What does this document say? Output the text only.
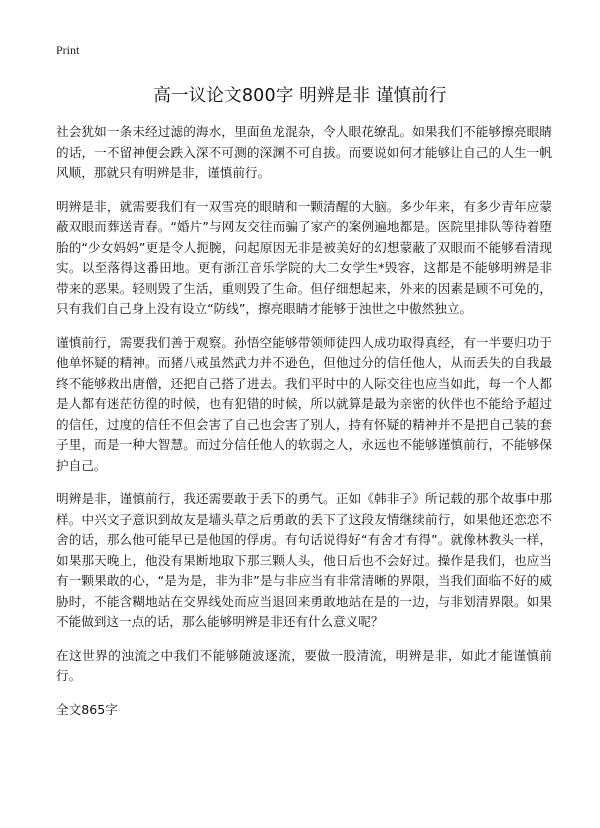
Print
高一议论文800字 明辨是非 谨慎前行

社会犹如一条未经过滤的海水，里面鱼龙混杂，令人眼花缭乱。如果我们不能够擦亮眼睛的话，一不留神便会跌入深不可测的深渊不可自拔。而要说如何才能够让自己的人生一帆风顺，那就只有明辨是非，谨慎前行。

明辨是非，就需要我们有一双雪亮的眼睛和一颗清醒的大脑。多少年来，有多少青年应蒙蔽双眼而葬送青春。“婚片”与网友交往而骗了家产的案例遍地都是。医院里排队等待着堕胎的“少女妈妈”更是令人扼腕，问起原因无非是被美好的幻想蒙蔽了双眼而不能够看清现实。以至落得这番田地。更有浙江音乐学院的大二女学生*毁容，这都是不能够明辨是非带来的恶果。轻则毁了生活，重则毁了生命。但仔细想起来，外来的因素是顾不可免的，只有我们自己身上没有设立“防线”，擦亮眼睛才能够于浊世之中傲然独立。

谨慎前行，需要我们善于观察。孙悟空能够带领师徒四人成功取得真经，有一半要归功于他单怀疑的精神。而猪八戒虽然武力并不逊色，但他过分的信任他人，从而丢失的自我最终不能够救出唐僧，还把自己搭了进去。我们平时中的人际交往也应当如此，每一个人都是人都有迷茫彷徨的时候，也有犯错的时候，所以就算是最为亲密的伙伴也不能给予超过的信任，过度的信任不但会害了自己也会害了别人，持有怀疑的精神并不是把自己装的套子里，而是一种大智慧。而过分信任他人的软弱之人，永远也不能够谨慎前行，不能够保护自己。

明辨是非，谨慎前行，我还需要敢于丢下的勇气。正如《韩非子》所记载的那个故事中那样。中兴文子意识到故友是墙头草之后勇敢的丢下了这段友情继续前行，如果他还恋恋不舍的话，那么他可能早已是他国的俘虏。有句话说得好“有舍才有得”。就像林教头一样，如果那天晚上，他没有果断地取下那三颗人头，他日后也不会好过。操作是我们，也应当有一颗果敢的心，“是为是，非为非”是与非应当有非常清晰的界限，当我们面临不好的威胁时，不能含糊地站在交界线处而应当退回来勇敢地站在是的一边，与非划清界限。如果不能做到这一点的话，那么能够明辨是非还有什么意义呢？

在这世界的浊流之中我们不能够随波逐流，要做一股清流，明辨是非，如此才能谨慎前行。

全文865字
